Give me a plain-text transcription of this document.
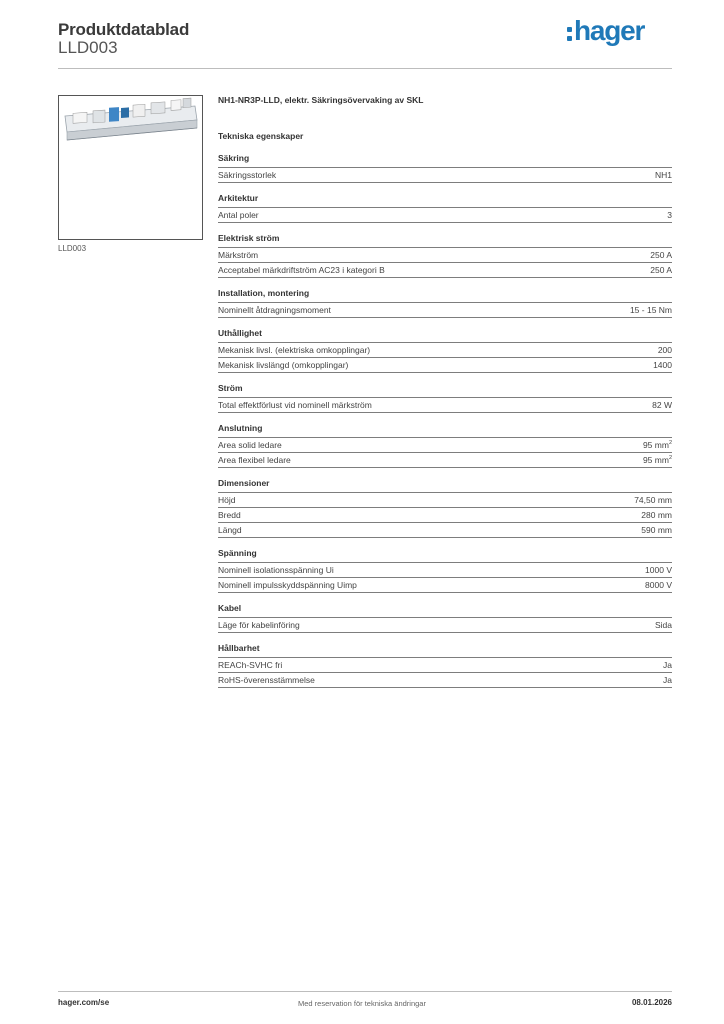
Produktdatablad
LLD003
hager
LLD003
NH1-NR3P-LLD, elektr. Säkringsövervaking av SKL
Tekniska egenskaper
Säkring
Säkringsstorlek	NH1
Arkitektur
Antal poler	3
Elektrisk ström
Märkström	250 A
Acceptabel märkdriftström AC23 i kategori B	250 A
Installation, montering
Nominellt åtdragningsmoment	15 - 15 Nm
Uthållighet
Mekanisk livsl. (elektriska omkopplingar)	200
Mekanisk livslängd (omkopplingar)	1400
Ström
Total effektförlust vid nominell märkström	82 W
Anslutning
Area solid ledare	95 $mm^2$
Area flexibel ledare	95 $mm^2$
Dimensioner
Höjd	74,50 mm
Bredd	280 mm
Längd	590 mm
Spänning
Nominell isolationsspänning Ui	1000 V
Nominell impulsskyddspänning Uimp	8000 V
Kabel
Läge för kabelinföring	Sida
Hållbarhet
REACh-SVHC fri	Ja
RoHS-överensstämmelse	Ja
hager.com/se	Med reservation för tekniska ändringar	08.01.2026
